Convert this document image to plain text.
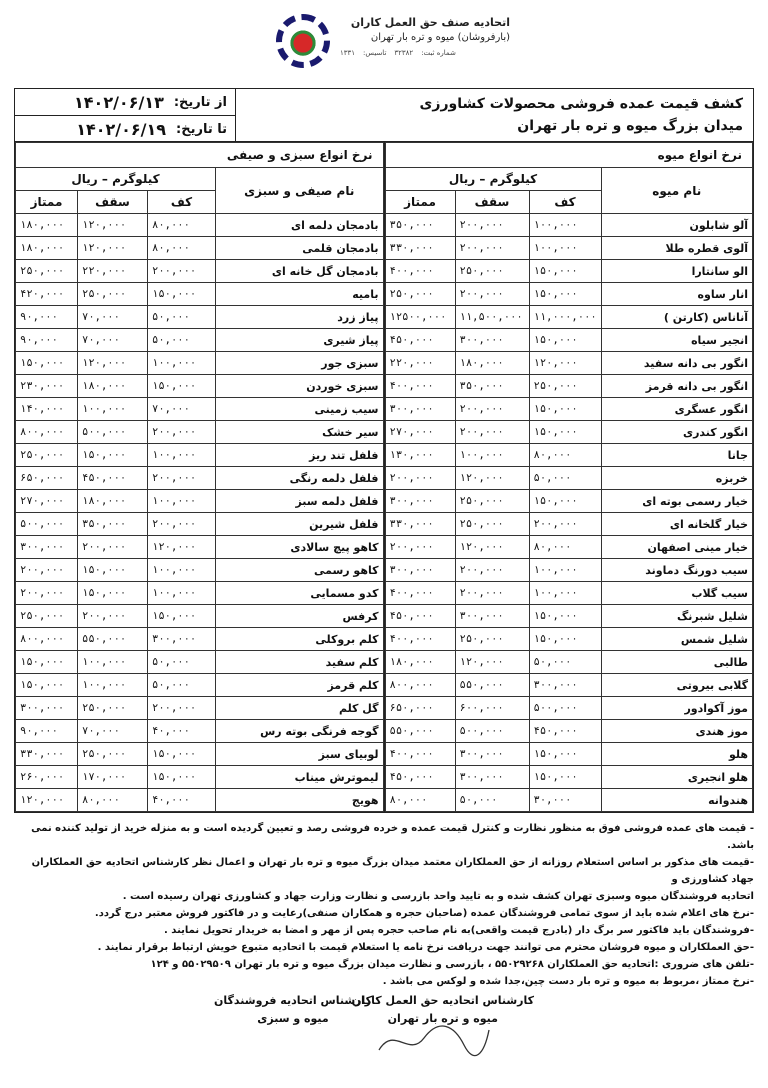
اتحادیه صنف حق العمل کاران
(بارفروشان) میوه و تره بار تهران
شماره ثبت:
۳۲۳۸۲
تاسیس:
۱۳۳۱
از تاریخ:
۱۴۰۲/۰۶/۱۳
تا تاریخ:
۱۴۰۲/۰۶/۱۹
کشف قیمت عمده فروشی محصولات کشاورزی
میدان بزرگ میوه و تره بار تهران
نرخ انواع سبزی و صیفی			
کیلوگرم – ریال			نام صیفی و سبزی
ممتاز	سقف	کف	
۱۸۰,۰۰۰	۱۲۰,۰۰۰	۸۰,۰۰۰	بادمجان دلمه ای
۱۸۰,۰۰۰	۱۲۰,۰۰۰	۸۰,۰۰۰	بادمجان قلمی
۲۵۰,۰۰۰	۲۲۰,۰۰۰	۲۰۰,۰۰۰	بادمجان گل خانه ای
۴۲۰,۰۰۰	۲۵۰,۰۰۰	۱۵۰,۰۰۰	بامیه
۹۰,۰۰۰	۷۰,۰۰۰	۵۰,۰۰۰	پیاز زرد
۹۰,۰۰۰	۷۰,۰۰۰	۵۰,۰۰۰	پیاز شیری
۱۵۰,۰۰۰	۱۲۰,۰۰۰	۱۰۰,۰۰۰	سبزی جور
۲۳۰,۰۰۰	۱۸۰,۰۰۰	۱۵۰,۰۰۰	سبزی خوردن
۱۴۰,۰۰۰	۱۰۰,۰۰۰	۷۰,۰۰۰	سیب زمینی
۸۰۰,۰۰۰	۵۰۰,۰۰۰	۲۰۰,۰۰۰	سیر خشک
۲۵۰,۰۰۰	۱۵۰,۰۰۰	۱۰۰,۰۰۰	فلفل تند ریز
۶۵۰,۰۰۰	۴۵۰,۰۰۰	۲۰۰,۰۰۰	فلفل دلمه رنگی
۲۷۰,۰۰۰	۱۸۰,۰۰۰	۱۰۰,۰۰۰	فلفل دلمه سبز
۵۰۰,۰۰۰	۳۵۰,۰۰۰	۲۰۰,۰۰۰	فلفل شیرین
۳۰۰,۰۰۰	۲۰۰,۰۰۰	۱۲۰,۰۰۰	کاهو پیچ سالادی
۲۰۰,۰۰۰	۱۵۰,۰۰۰	۱۰۰,۰۰۰	کاهو رسمی
۲۰۰,۰۰۰	۱۵۰,۰۰۰	۱۰۰,۰۰۰	کدو مسمایی
۲۵۰,۰۰۰	۲۰۰,۰۰۰	۱۵۰,۰۰۰	کرفس
۸۰۰,۰۰۰	۵۵۰,۰۰۰	۳۰۰,۰۰۰	کلم بروکلی
۱۵۰,۰۰۰	۱۰۰,۰۰۰	۵۰,۰۰۰	کلم سفید
۱۵۰,۰۰۰	۱۰۰,۰۰۰	۵۰,۰۰۰	کلم قرمز
۳۰۰,۰۰۰	۲۵۰,۰۰۰	۲۰۰,۰۰۰	گل کلم
۹۰,۰۰۰	۷۰,۰۰۰	۴۰,۰۰۰	گوجه فرنگی بوته رس
۳۳۰,۰۰۰	۲۵۰,۰۰۰	۱۵۰,۰۰۰	لوبیای سبز
۲۶۰,۰۰۰	۱۷۰,۰۰۰	۱۵۰,۰۰۰	لیموترش میناب
۱۲۰,۰۰۰	۸۰,۰۰۰	۴۰,۰۰۰	هویج
نرخ انواع میوه			
کیلوگرم – ریال			نام میوه
ممتاز	سقف	کف	
۳۵۰,۰۰۰	۲۰۰,۰۰۰	۱۰۰,۰۰۰	آلو شابلون
۳۳۰,۰۰۰	۲۰۰,۰۰۰	۱۰۰,۰۰۰	آلوی قطره طلا
۴۰۰,۰۰۰	۲۵۰,۰۰۰	۱۵۰,۰۰۰	الو سانتارا
۲۵۰,۰۰۰	۲۰۰,۰۰۰	۱۵۰,۰۰۰	انار ساوه
۱۲۵۰۰,۰۰۰	۱۱,۵۰۰,۰۰۰	۱۱,۰۰۰,۰۰۰	آناناس (کارتن )
۴۵۰,۰۰۰	۳۰۰,۰۰۰	۱۵۰,۰۰۰	انجیر سیاه
۲۲۰,۰۰۰	۱۸۰,۰۰۰	۱۲۰,۰۰۰	انگور بی دانه سفید
۴۰۰,۰۰۰	۳۵۰,۰۰۰	۲۵۰,۰۰۰	انگور بی دانه قرمز
۳۰۰,۰۰۰	۲۰۰,۰۰۰	۱۵۰,۰۰۰	انگور عسگری
۲۷۰,۰۰۰	۲۰۰,۰۰۰	۱۵۰,۰۰۰	انگور کندری
۱۳۰,۰۰۰	۱۰۰,۰۰۰	۸۰,۰۰۰	جانا
۲۰۰,۰۰۰	۱۲۰,۰۰۰	۵۰,۰۰۰	خربزه
۳۰۰,۰۰۰	۲۵۰,۰۰۰	۱۵۰,۰۰۰	خیار رسمی بوته ای
۳۳۰,۰۰۰	۲۵۰,۰۰۰	۲۰۰,۰۰۰	خیار گلخانه ای
۲۰۰,۰۰۰	۱۲۰,۰۰۰	۸۰,۰۰۰	خیار مینی اصفهان
۳۰۰,۰۰۰	۲۰۰,۰۰۰	۱۰۰,۰۰۰	سیب دورنگ دماوند
۴۰۰,۰۰۰	۲۰۰,۰۰۰	۱۰۰,۰۰۰	سیب گلاب
۴۵۰,۰۰۰	۳۰۰,۰۰۰	۱۵۰,۰۰۰	شلیل شبرنگ
۴۰۰,۰۰۰	۲۵۰,۰۰۰	۱۵۰,۰۰۰	شلیل شمس
۱۸۰,۰۰۰	۱۲۰,۰۰۰	۵۰,۰۰۰	طالبی
۸۰۰,۰۰۰	۵۵۰,۰۰۰	۳۰۰,۰۰۰	گلابی بیروتی
۶۵۰,۰۰۰	۶۰۰,۰۰۰	۵۰۰,۰۰۰	موز آکوادور
۵۵۰,۰۰۰	۵۰۰,۰۰۰	۴۵۰,۰۰۰	موز هندی
۴۰۰,۰۰۰	۳۰۰,۰۰۰	۱۵۰,۰۰۰	هلو
۴۵۰,۰۰۰	۳۰۰,۰۰۰	۱۵۰,۰۰۰	هلو انجیری
۸۰,۰۰۰	۵۰,۰۰۰	۳۰,۰۰۰	هندوانه

- قیمت های عمده فروشی فوق به منظور نظارت و کنترل قیمت عمده و خرده فروشی رصد و تعیین گردیده است و به منزله خرید از تولید کننده نمی باشد.

-قیمت های مذکور بر اساس استعلام روزانه از حق العملکاران معتمد میدان بزرگ میوه و تره بار تهران و اعمال نظر کارشناس اتحادیه حق العملکاران جهاد کشاورزی و

اتحادیه فروشندگان میوه وسبزی تهران کشف شده و به تایید واحد بازرسی و نظارت وزارت جهاد و کشاورزی تهران رسیده است .

-نرخ های اعلام شده باید از سوی تمامی فروشندگان عمده (صاحبان حجره و همکاران صنفی)رعایت و در فاکتور فروش معتبر درج گردد.

-فروشندگان باید فاکتور سر برگ دار (بادرج قیمت واقعی)به نام صاحب حجره پس از مهر و امضا به خریدار تحویل نمایند .

-حق العملکاران و میوه فروشان محترم می توانند جهت دریافت نرخ نامه یا استعلام قیمت با اتحادیه متبوع خویش ارتباط برقرار نمایند .

-تلفن های ضروری :اتحادیه حق العملکاران ۵۵۰۲۹۲۶۸ ، بازرسی و نظارت میدان بزرگ میوه و تره بار تهران ۵۵۰۲۹۵۰۹ و ۱۲۴

-نرخ ممتاز ،مربوط به میوه و تره بار دست چین،جدا شده و لوکس می باشد .

کارشناس اتحادیه حق العمل کاران
میوه و تره بار تهران
کارشناس اتحادیه فروشندگان
میوه و سبزی
